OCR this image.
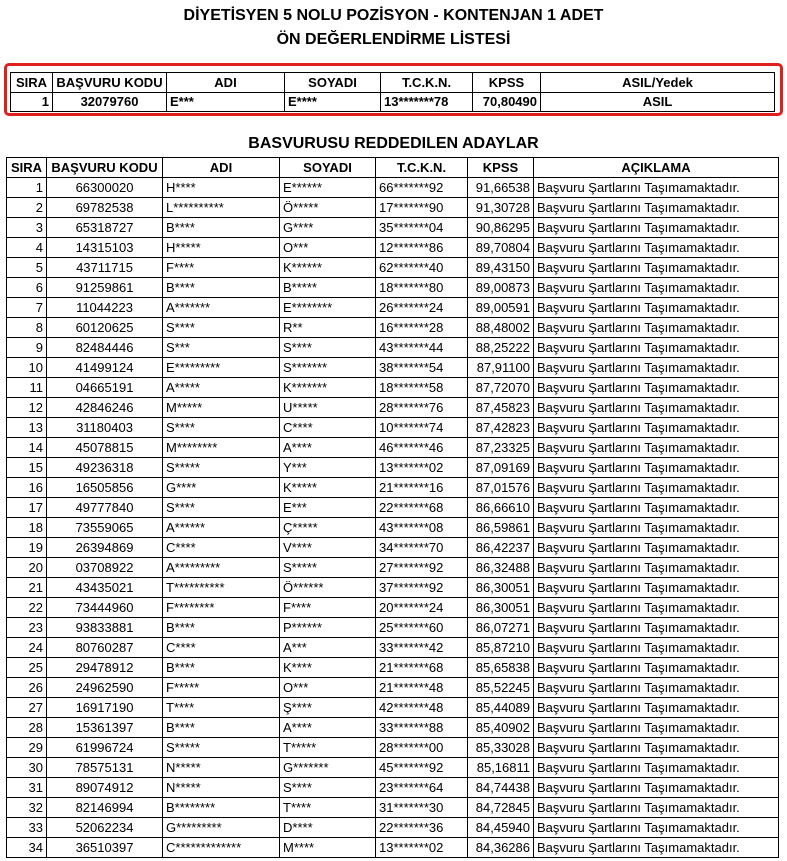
DİYETİSYEN 5 NOLU POZİSYON - KONTENJAN 1 ADET
ÖN DEĞERLENDİRME LİSTESİ
SIRA	BAŞVURU KODU	ADI	SOYADI	T.C.K.N.	KPSS	ASIL/Yedek
1	32079760	E***	E****	13*******78	70,80490	ASIL
BASVURUSU REDDEDILEN ADAYLAR
SIRA	BAŞVURU KODU	ADI	SOYADI	T.C.K.N.	KPSS	AÇIKLAMA
1	66300020	H****	E******	66*******92	91,66538	Başvuru Şartlarını Taşımamaktadır.
2	69782538	L**********	Ö*****	17*******90	91,30728	Başvuru Şartlarını Taşımamaktadır.
3	65318727	B****	G****	35*******04	90,86295	Başvuru Şartlarını Taşımamaktadır.
4	14315103	H*****	O***	12*******86	89,70804	Başvuru Şartlarını Taşımamaktadır.
5	43711715	F****	K******	62*******40	89,43150	Başvuru Şartlarını Taşımamaktadır.
6	91259861	B****	B*****	18*******80	89,00873	Başvuru Şartlarını Taşımamaktadır.
7	11044223	A*******	E********	26*******24	89,00591	Başvuru Şartlarını Taşımamaktadır.
8	60120625	S****	R**	16*******28	88,48002	Başvuru Şartlarını Taşımamaktadır.
9	82484446	S***	S****	43*******44	88,25222	Başvuru Şartlarını Taşımamaktadır.
10	41499124	E*********	S*******	38*******54	87,91100	Başvuru Şartlarını Taşımamaktadır.
11	04665191	A*****	K*******	18*******58	87,72070	Başvuru Şartlarını Taşımamaktadır.
12	42846246	M*****	U*****	28*******76	87,45823	Başvuru Şartlarını Taşımamaktadır.
13	31180403	S****	C****	10*******74	87,42823	Başvuru Şartlarını Taşımamaktadır.
14	45078815	M********	A****	46*******46	87,23325	Başvuru Şartlarını Taşımamaktadır.
15	49236318	S*****	Y***	13*******02	87,09169	Başvuru Şartlarını Taşımamaktadır.
16	16505856	G****	K*****	21*******16	87,01576	Başvuru Şartlarını Taşımamaktadır.
17	49777840	S****	E***	22*******68	86,66610	Başvuru Şartlarını Taşımamaktadır.
18	73559065	A******	Ç*****	43*******08	86,59861	Başvuru Şartlarını Taşımamaktadır.
19	26394869	C****	V****	34*******70	86,42237	Başvuru Şartlarını Taşımamaktadır.
20	03708922	A*********	S*****	27*******92	86,32488	Başvuru Şartlarını Taşımamaktadır.
21	43435021	T**********	Ö******	37*******92	86,30051	Başvuru Şartlarını Taşımamaktadır.
22	73444960	F********	F****	20*******24	86,30051	Başvuru Şartlarını Taşımamaktadır.
23	93833881	B****	P******	25*******60	86,07271	Başvuru Şartlarını Taşımamaktadır.
24	80760287	C****	A***	33*******42	85,87210	Başvuru Şartlarını Taşımamaktadır.
25	29478912	B****	K****	21*******68	85,65838	Başvuru Şartlarını Taşımamaktadır.
26	24962590	F*****	O***	21*******48	85,52245	Başvuru Şartlarını Taşımamaktadır.
27	16917190	T****	Ş****	42*******48	85,44089	Başvuru Şartlarını Taşımamaktadır.
28	15361397	B****	A****	33*******88	85,40902	Başvuru Şartlarını Taşımamaktadır.
29	61996724	S*****	T*****	28*******00	85,33028	Başvuru Şartlarını Taşımamaktadır.
30	78575131	N*****	G*******	45*******92	85,16811	Başvuru Şartlarını Taşımamaktadır.
31	89074912	N*****	S****	23*******64	84,74438	Başvuru Şartlarını Taşımamaktadır.
32	82146994	B********	T****	31*******30	84,72845	Başvuru Şartlarını Taşımamaktadır.
33	52062234	G*********	D****	22*******36	84,45940	Başvuru Şartlarını Taşımamaktadır.
34	36510397	C*************	M****	13*******02	84,36286	Başvuru Şartlarını Taşımamaktadır.
